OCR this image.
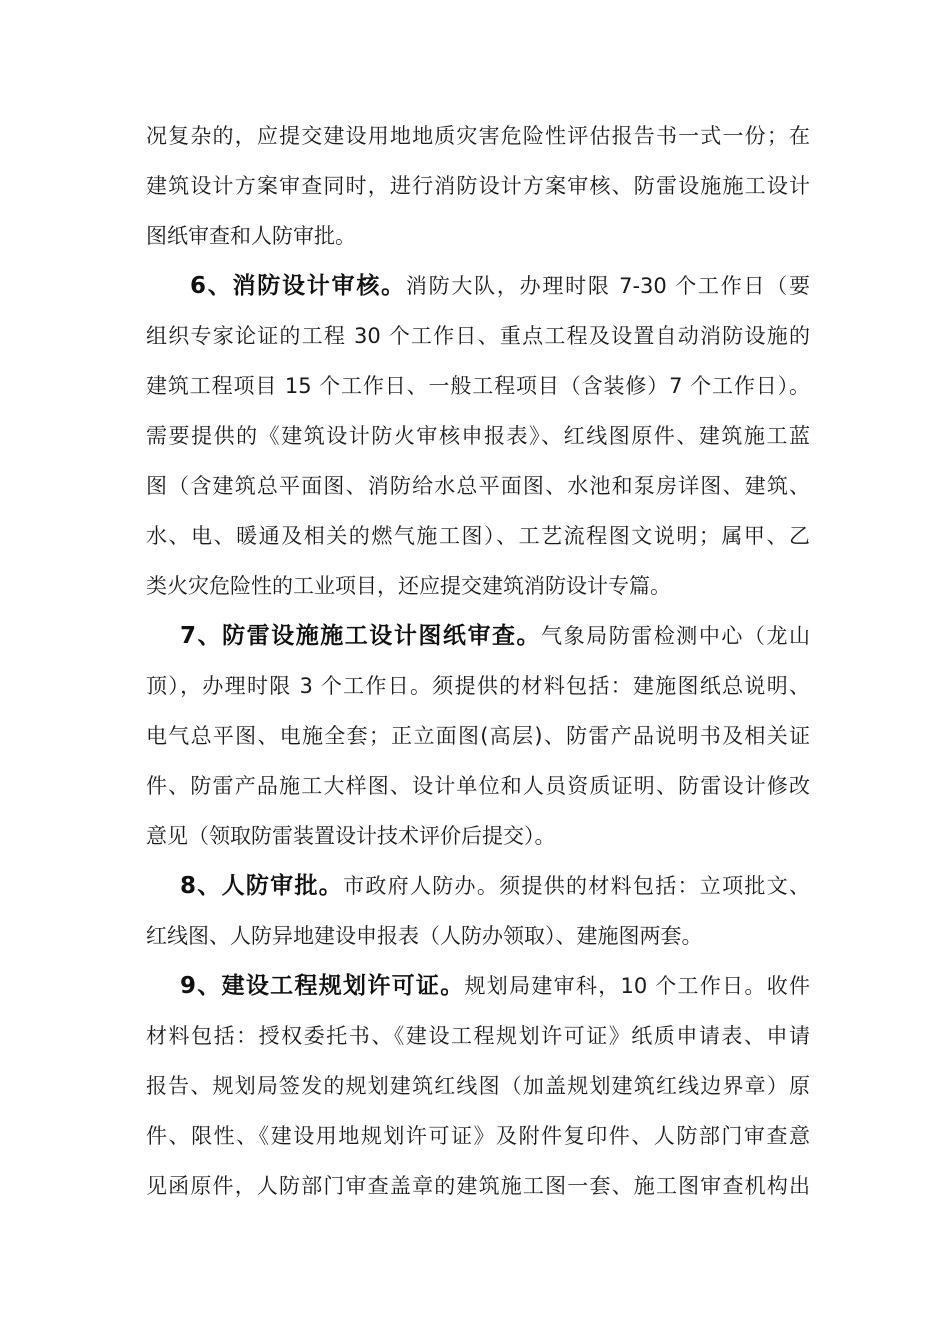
况复杂的，应提交建设用地地质灾害危险性评估报告书一式一份；在
建筑设计方案审查同时，进行消防设计方案审核、防雷设施施工设计
图纸审查和人防审批。
6、消防设计审核。消防大队，办理时限 7-30 个工作日（要
组织专家论证的工程 30 个工作日、重点工程及设置自动消防设施的
建筑工程项目 15 个工作日、一般工程项目（含装修）7 个工作日）。
需要提供的《建筑设计防火审核申报表》、红线图原件、建筑施工蓝
图（含建筑总平面图、消防给水总平面图、水池和泵房详图、建筑、
水、电、暖通及相关的燃气施工图）、工艺流程图文说明；属甲、乙
类火灾危险性的工业项目，还应提交建筑消防设计专篇。
7、防雷设施施工设计图纸审查。气象局防雷检测中心（龙山
顶），办理时限 3 个工作日。须提供的材料包括：建施图纸总说明、
电气总平图、电施全套；正立面图(高层)、防雷产品说明书及相关证
件、防雷产品施工大样图、设计单位和人员资质证明、防雷设计修改
意见（领取防雷装置设计技术评价后提交）。
8、人防审批。市政府人防办。须提供的材料包括：立项批文、
红线图、人防异地建设申报表（人防办领取）、建施图两套。
9、建设工程规划许可证。规划局建审科，10 个工作日。收件
材料包括：授权委托书、《建设工程规划许可证》纸质申请表、申请
报告、规划局签发的规划建筑红线图（加盖规划建筑红线边界章）原
件、限性、《建设用地规划许可证》及附件复印件、人防部门审查意
见函原件，人防部门审查盖章的建筑施工图一套、施工图审查机构出
